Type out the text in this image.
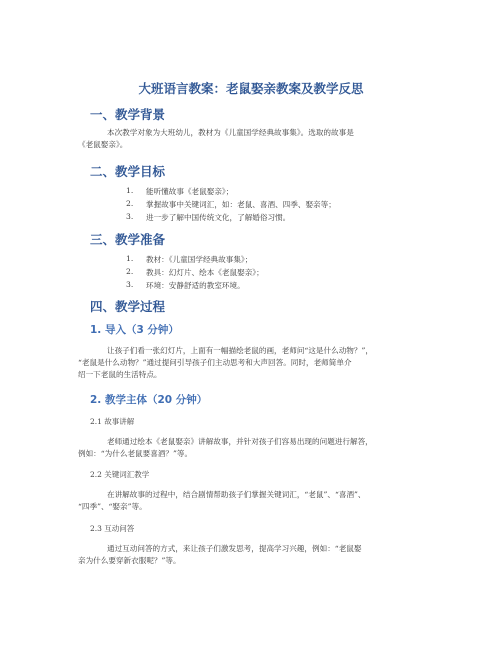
大班语言教案：老鼠娶亲教案及教学反思
一、教学背景
本次教学对象为大班幼儿，教材为《儿童国学经典故事集》。选取的故事是
《老鼠娶亲》。
二、教学目标
1. 能听懂故事《老鼠娶亲》；
2. 掌握故事中关键词汇，如：老鼠、喜酒、四季、娶亲等；
3. 进一步了解中国传统文化，了解婚俗习惯。
三、教学准备
1. 教材：《儿童国学经典故事集》；
2. 教具：幻灯片、绘本《老鼠娶亲》；
3. 环境：安静舒适的教室环境。
四、教学过程
1. 导入（3 分钟）
让孩子们看一张幻灯片，上面有一幅描绘老鼠的画，老师问“这是什么动物？”，
“老鼠是什么动物？”通过提问引导孩子们主动思考和大声回答。同时，老师简单介
绍一下老鼠的生活特点。
2. 教学主体（20 分钟）
2.1 故事讲解
老师通过绘本《老鼠娶亲》讲解故事，并针对孩子们容易出现的问题进行解答，
例如：“为什么老鼠要喜酒？”等。
2.2 关键词汇教学
在讲解故事的过程中，结合剧情帮助孩子们掌握关键词汇，“老鼠”、“喜酒”、
“四季”、“娶亲”等。
2.3 互动问答
通过互动问答的方式，来让孩子们激发思考，提高学习兴趣，例如：“老鼠娶
亲为什么要穿新衣服呢？”等。
